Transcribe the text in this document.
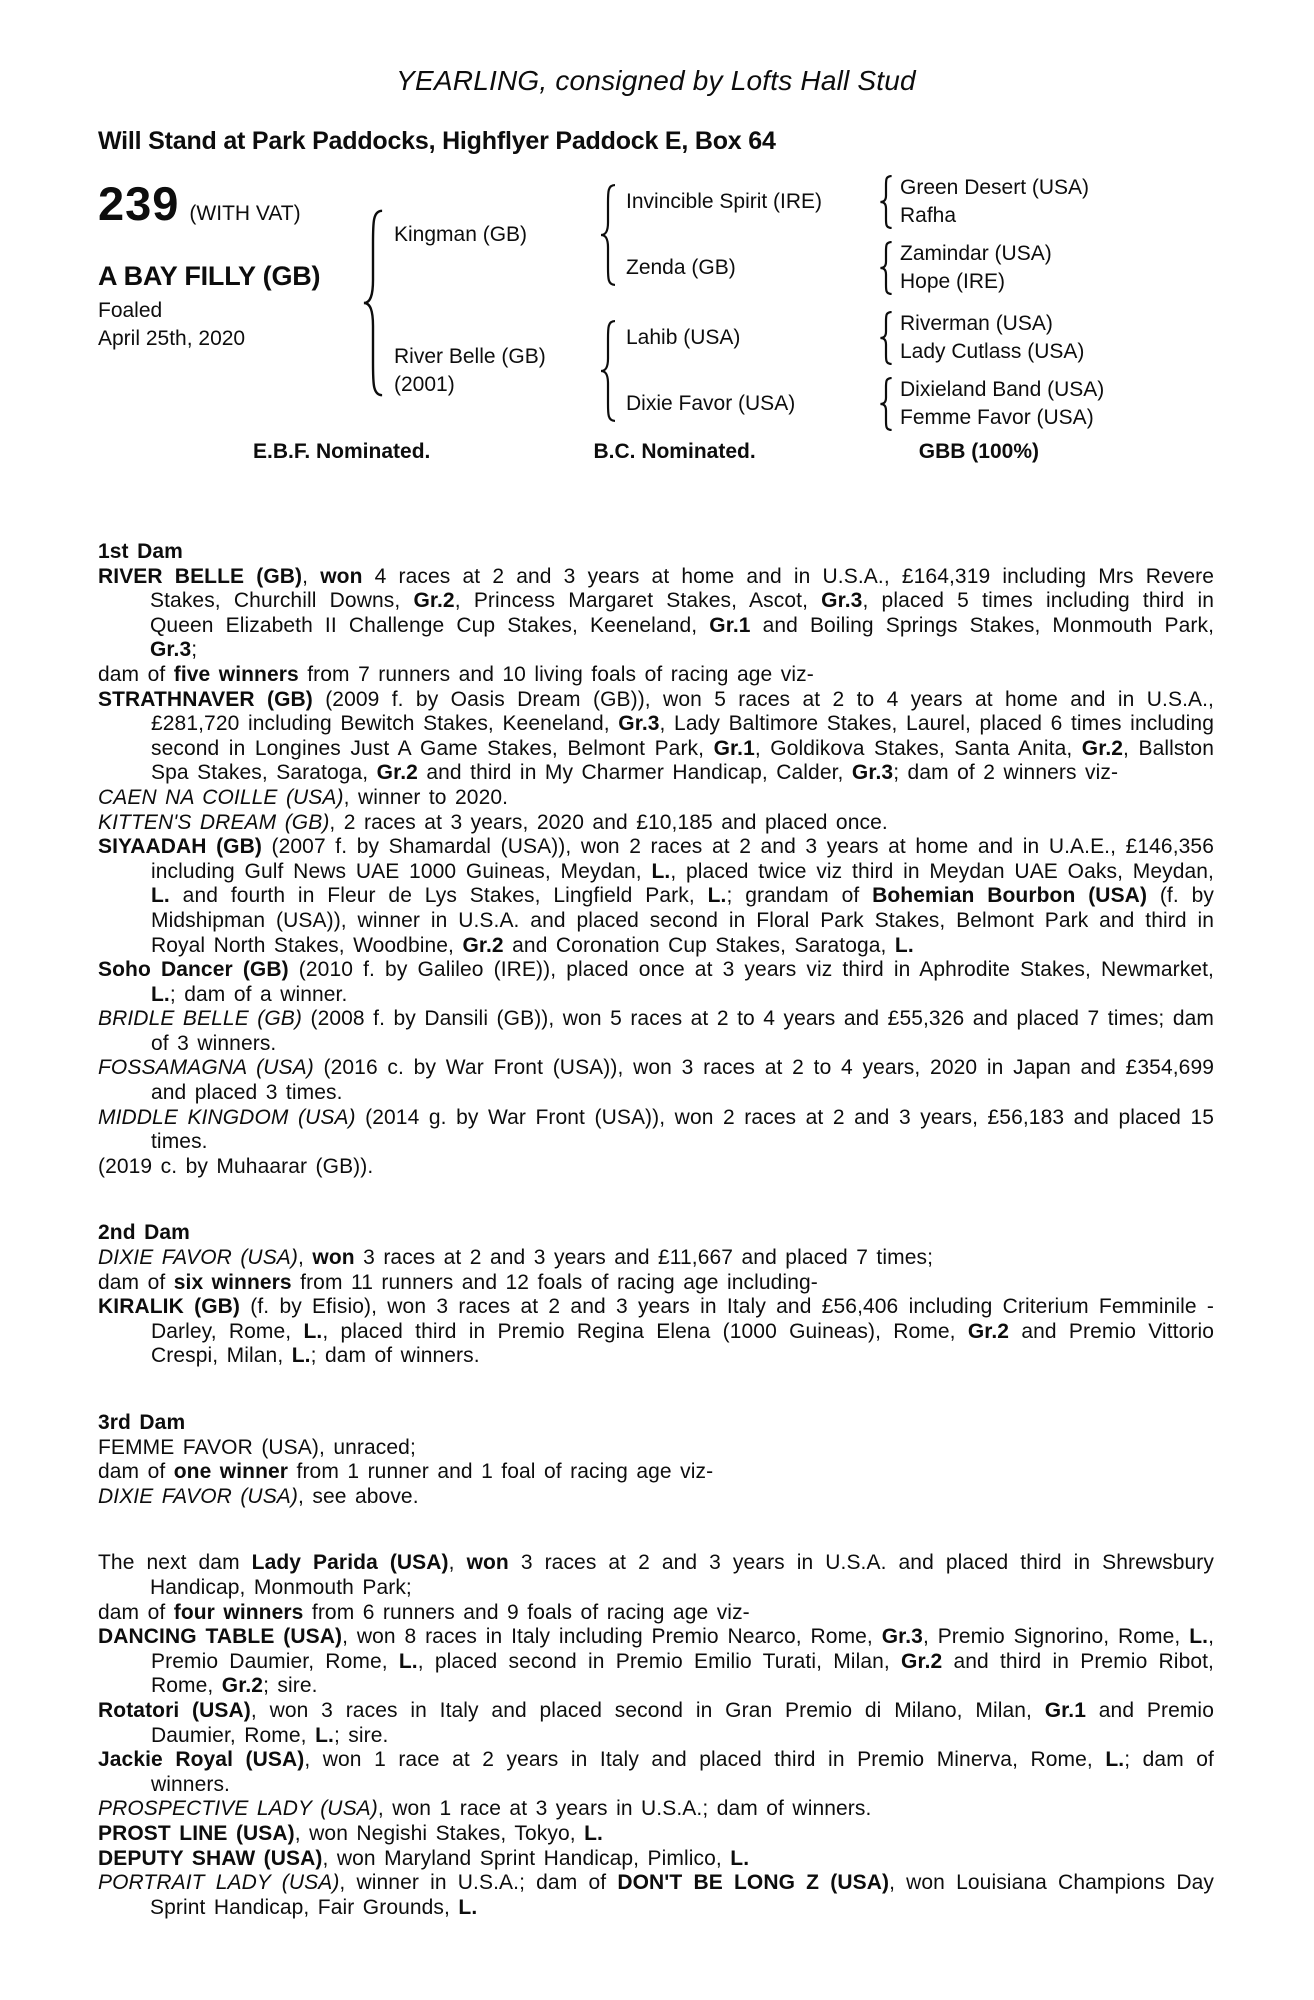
YEARLING, consigned by Lofts Hall Stud
Will Stand at Park Paddocks, Highflyer Paddock E, Box 64
239 (WITH VAT)
A BAY FILLY (GB)
Foaled
April 25th, 2020
Kingman (GB)
Invincible Spirit (IRE)
Green Desert (USA)
Rafha
Zenda (GB)
Zamindar (USA)
Hope (IRE)
River Belle (GB)
(2001)
Lahib (USA)
Riverman (USA)
Lady Cutlass (USA)
Dixie Favor (USA)
Dixieland Band (USA)
Femme Favor (USA)
E.B.F. Nominated.	B.C. Nominated.	GBB (100%)

1st Dam

RIVER BELLE (GB), won 4 races at 2 and 3 years at home and in U.S.A., £164,319 including Mrs Revere Stakes, Churchill Downs, Gr.2, Princess Margaret Stakes, Ascot, Gr.3, placed 5 times including third in Queen Elizabeth II Challenge Cup Stakes, Keeneland, Gr.1 and Boiling Springs Stakes, Monmouth Park, Gr.3;

dam of five winners from 7 runners and 10 living foals of racing age viz-

STRATHNAVER (GB) (2009 f. by Oasis Dream (GB)), won 5 races at 2 to 4 years at home and in U.S.A., £281,720 including Bewitch Stakes, Keeneland, Gr.3, Lady Baltimore Stakes, Laurel, placed 6 times including second in Longines Just A Game Stakes, Belmont Park, Gr.1, Goldikova Stakes, Santa Anita, Gr.2, Ballston Spa Stakes, Saratoga, Gr.2 and third in My Charmer Handicap, Calder, Gr.3; dam of 2 winners viz-

CAEN NA COILLE (USA), winner to 2020.

KITTEN'S DREAM (GB), 2 races at 3 years, 2020 and £10,185 and placed once.

SIYAADAH (GB) (2007 f. by Shamardal (USA)), won 2 races at 2 and 3 years at home and in U.A.E., £146,356 including Gulf News UAE 1000 Guineas, Meydan, L., placed twice viz third in Meydan UAE Oaks, Meydan, L. and fourth in Fleur de Lys Stakes, Lingfield Park, L.; grandam of Bohemian Bourbon (USA) (f. by Midshipman (USA)), winner in U.S.A. and placed second in Floral Park Stakes, Belmont Park and third in Royal North Stakes, Woodbine, Gr.2 and Coronation Cup Stakes, Saratoga, L.

Soho Dancer (GB) (2010 f. by Galileo (IRE)), placed once at 3 years viz third in Aphrodite Stakes, Newmarket, L.; dam of a winner.

BRIDLE BELLE (GB) (2008 f. by Dansili (GB)), won 5 races at 2 to 4 years and £55,326 and placed 7 times; dam of 3 winners.

FOSSAMAGNA (USA) (2016 c. by War Front (USA)), won 3 races at 2 to 4 years, 2020 in Japan and £354,699 and placed 3 times.

MIDDLE KINGDOM (USA) (2014 g. by War Front (USA)), won 2 races at 2 and 3 years, £56,183 and placed 15 times.

(2019 c. by Muhaarar (GB)).

2nd Dam

DIXIE FAVOR (USA), won 3 races at 2 and 3 years and £11,667 and placed 7 times;

dam of six winners from 11 runners and 12 foals of racing age including-

KIRALIK (GB) (f. by Efisio), won 3 races at 2 and 3 years in Italy and £56,406 including Criterium Femminile - Darley, Rome, L., placed third in Premio Regina Elena (1000 Guineas), Rome, Gr.2 and Premio Vittorio Crespi, Milan, L.; dam of winners.

3rd Dam

FEMME FAVOR (USA), unraced;

dam of one winner from 1 runner and 1 foal of racing age viz-

DIXIE FAVOR (USA), see above.

The next dam Lady Parida (USA), won 3 races at 2 and 3 years in U.S.A. and placed third in Shrewsbury Handicap, Monmouth Park;

dam of four winners from 6 runners and 9 foals of racing age viz-

DANCING TABLE (USA), won 8 races in Italy including Premio Nearco, Rome, Gr.3, Premio Signorino, Rome, L., Premio Daumier, Rome, L., placed second in Premio Emilio Turati, Milan, Gr.2 and third in Premio Ribot, Rome, Gr.2; sire.

Rotatori (USA), won 3 races in Italy and placed second in Gran Premio di Milano, Milan, Gr.1 and Premio Daumier, Rome, L.; sire.

Jackie Royal (USA), won 1 race at 2 years in Italy and placed third in Premio Minerva, Rome, L.; dam of winners.

PROSPECTIVE LADY (USA), won 1 race at 3 years in U.S.A.; dam of winners.

PROST LINE (USA), won Negishi Stakes, Tokyo, L.

DEPUTY SHAW (USA), won Maryland Sprint Handicap, Pimlico, L.

PORTRAIT LADY (USA), winner in U.S.A.; dam of DON'T BE LONG Z (USA), won Louisiana Champions Day Sprint Handicap, Fair Grounds, L.
